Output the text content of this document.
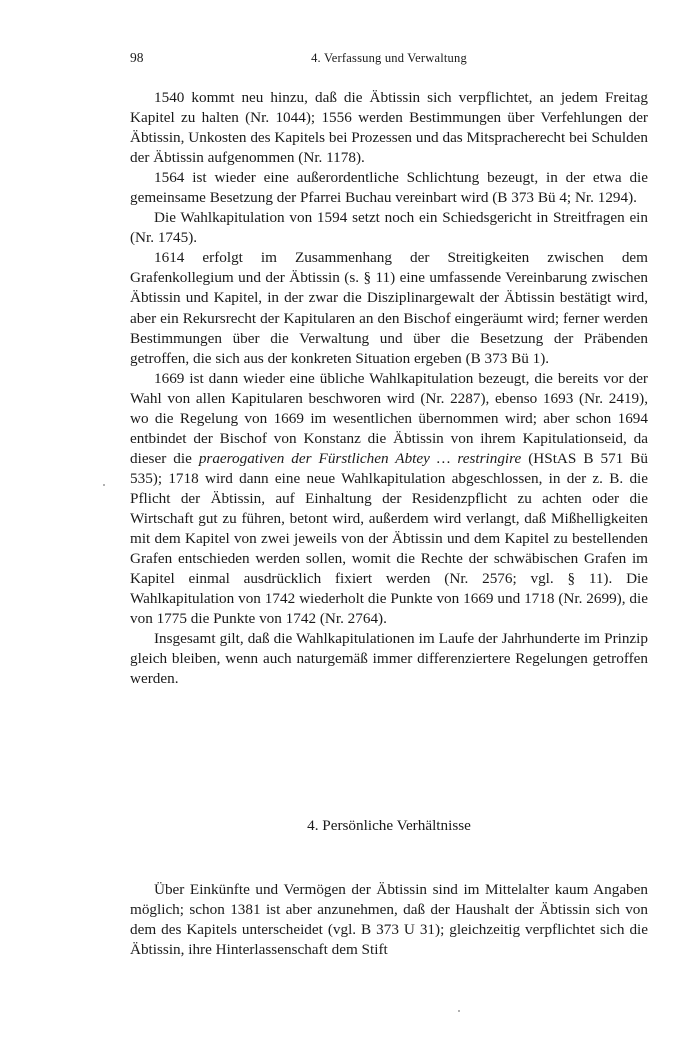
98	4. Verfassung und Verwaltung

1540 kommt neu hinzu, daß die Äbtissin sich verpflichtet, an jedem Freitag Kapitel zu halten (Nr. 1044); 1556 werden Bestimmungen über Verfehlungen der Äbtissin, Unkosten des Kapitels bei Prozessen und das Mitspracherecht bei Schulden der Äbtissin aufgenommen (Nr. 1178).

1564 ist wieder eine außerordentliche Schlichtung bezeugt, in der etwa die gemeinsame Besetzung der Pfarrei Buchau vereinbart wird (B 373 Bü 4; Nr. 1294).

Die Wahlkapitulation von 1594 setzt noch ein Schiedsgericht in Streitfragen ein (Nr. 1745).

1614 erfolgt im Zusammenhang der Streitigkeiten zwischen dem Grafenkollegium und der Äbtissin (s. § 11) eine umfassende Vereinbarung zwischen Äbtissin und Kapitel, in der zwar die Disziplinargewalt der Äbtissin bestätigt wird, aber ein Rekursrecht der Kapitularen an den Bischof eingeräumt wird; ferner werden Bestimmungen über die Verwaltung und über die Besetzung der Präbenden getroffen, die sich aus der konkreten Situation ergeben (B 373 Bü 1).

1669 ist dann wieder eine übliche Wahlkapitulation bezeugt, die bereits vor der Wahl von allen Kapitularen beschworen wird (Nr. 2287), ebenso 1693 (Nr. 2419), wo die Regelung von 1669 im wesentlichen übernommen wird; aber schon 1694 entbindet der Bischof von Konstanz die Äbtissin von ihrem Kapitulationseid, da dieser die praerogativen der Fürstlichen Abtey … restringire (HStAS B 571 Bü 535); 1718 wird dann eine neue Wahlkapitulation abgeschlossen, in der z. B. die Pflicht der Äbtissin, auf Einhaltung der Residenzpflicht zu achten oder die Wirtschaft gut zu führen, betont wird, außerdem wird verlangt, daß Mißhelligkeiten mit dem Kapitel von zwei jeweils von der Äbtissin und dem Kapitel zu bestellenden Grafen entschieden werden sollen, womit die Rechte der schwäbischen Grafen im Kapitel einmal ausdrücklich fixiert werden (Nr. 2576; vgl. § 11). Die Wahlkapitulation von 1742 wiederholt die Punkte von 1669 und 1718 (Nr. 2699), die von 1775 die Punkte von 1742 (Nr. 2764).

Insgesamt gilt, daß die Wahlkapitulationen im Laufe der Jahrhunderte im Prinzip gleich bleiben, wenn auch naturgemäß immer differenziertere Regelungen getroffen werden.

4. Persönliche Verhältnisse

Über Einkünfte und Vermögen der Äbtissin sind im Mittelalter kaum Angaben möglich; schon 1381 ist aber anzunehmen, daß der Haushalt der Äbtissin sich von dem des Kapitels unterscheidet (vgl. B 373 U 31); gleichzeitig verpflichtet sich die Äbtissin, ihre Hinterlassenschaft dem Stift
